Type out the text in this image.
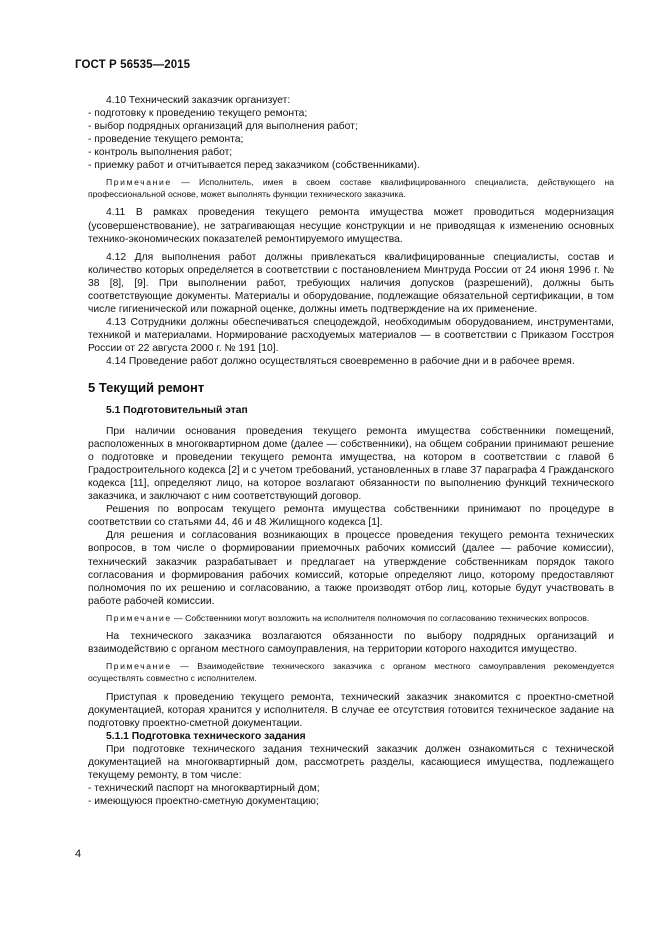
ГОСТ Р 56535—2015

4.10 Технический заказчик организует:

- подготовку к проведению текущего ремонта;

- выбор подрядных организаций для выполнения работ;

- проведение текущего ремонта;

- контроль выполнения работ;

- приемку работ и отчитывается перед заказчиком (собственниками).

Примечание — Исполнитель, имея в своем составе квалифицированного специалиста, действующего на профессиональной основе, может выполнять функции технического заказчика.

4.11 В рамках проведения текущего ремонта имущества может проводиться модернизация (усовершенствование), не затрагивающая несущие конструкции и не приводящая к изменению основных технико-экономических показателей ремонтируемого имущества.

4.12 Для выполнения работ должны привлекаться квалифицированные специалисты, состав и количество которых определяется в соответствии с постановлением Минтруда России от 24 июня 1996 г. № 38 [8], [9]. При выполнении работ, требующих наличия допусков (разрешений), должны быть соответствующие документы. Материалы и оборудование, подлежащие обязательной сертификации, в том числе гигиенической или пожарной оценке, должны иметь подтверждение на их применение.

4.13 Сотрудники должны обеспечиваться спецодеждой, необходимым оборудованием, инструментами, техникой и материалами. Нормирование расходуемых материалов — в соответствии с Приказом Госстроя России от 22 августа 2000 г. № 191 [10].

4.14 Проведение работ должно осуществляться своевременно в рабочие дни и в рабочее время.

5 Текущий ремонт
5.1 Подготовительный этап

При наличии основания проведения текущего ремонта имущества собственники помещений, расположенных в многоквартирном доме (далее — собственники), на общем собрании принимают решение о подготовке и проведении текущего ремонта имущества, на котором в соответствии с главой 6 Градостроительного кодекса [2] и с учетом требований, установленных в главе 37 параграфа 4 Гражданского кодекса [11], определяют лицо, на которое возлагают обязанности по выполнению функций технического заказчика, и заключают с ним соответствующий договор.

Решения по вопросам текущего ремонта имущества собственники принимают по процедуре в соответствии со статьями 44, 46 и 48 Жилищного кодекса [1].

Для решения и согласования возникающих в процессе проведения текущего ремонта технических вопросов, в том числе о формировании приемочных рабочих комиссий (далее — рабочие комиссии), технический заказчик разрабатывает и предлагает на утверждение собственникам порядок такого согласования и формирования рабочих комиссий, которые определяют лицо, которому предоставляют полномочия по их решению и согласованию, а также производят отбор лиц, которые будут участвовать в работе рабочей комиссии.

Примечание — Собственники могут возложить на исполнителя полномочия по согласованию технических вопросов.

На технического заказчика возлагаются обязанности по выбору подрядных организаций и взаимодействию с органом местного самоуправления, на территории которого находится имущество.

Примечание — Взаимодействие технического заказчика с органом местного самоуправления рекомендуется осуществлять совместно с исполнителем.

Приступая к проведению текущего ремонта, технический заказчик знакомится с проектно-сметной документацией, которая хранится у исполнителя. В случае ее отсутствия готовится техническое задание на подготовку проектно-сметной документации.

5.1.1 Подготовка технического задания

При подготовке технического задания технический заказчик должен ознакомиться с технической документацией на многоквартирный дом, рассмотреть разделы, касающиеся имущества, подлежащего текущему ремонту, в том числе:

- технический паспорт на многоквартирный дом;

- имеющуюся проектно-сметную документацию;

4
